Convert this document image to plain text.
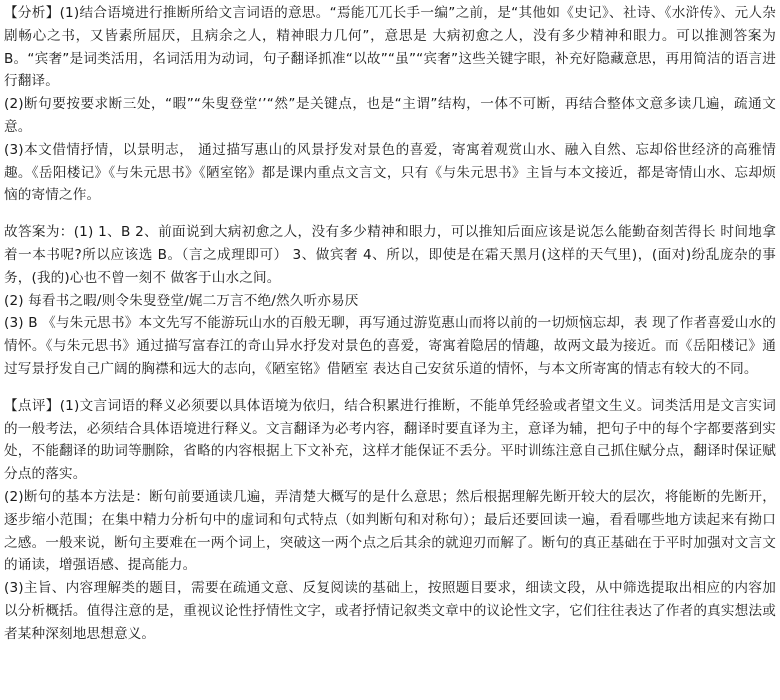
【分析】(1)结合语境进行推断所给文言词语的意思。“焉能兀兀长手一编”之前，是“其他如《史记》、社诗、《水浒传》、元人杂剧畅心之书，又皆素所屈厌，且病余之人，精神眼力几何”，意思是 大病初愈之人，没有多少精神和眼力。可以推测答案为B。“宾奢”是词类活用，名词活用为动词，句子翻译抓准“以故”“虽”“宾奢”这些关键字眼，补充好隐藏意思，再用简洁的语言进行翻译。

(2)断句要按要求断三处，“暇”“朱叟登堂‘’“然”是关键点，也是“主谓”结构，一体不可断，再结合整体文意多读几遍，疏通文意。

(3)本文借情抒情，以景明志， 通过描写惠山的风景抒发对景色的喜爱，寄寓着观赏山水、融入自然、忘却俗世经济的高雅情趣。《岳阳楼记》《与朱元思书》《陋室铭》都是课内重点文言文，只有《与朱元思书》主旨与本文接近，都是寄情山水、忘却烦恼的寄情之作。

故答案为：(1) 1、B 2、前面说到大病初愈之人，没有多少精神和眼力，可以推知后面应该是说怎么能勤奋刻苦得长 时间地拿着一本书呢?所以应该选 B。（言之成理即可） 3、做宾奢 4、所以，即使是在霜天黑月(这样的天气里)，(面对)纷乱庞杂的事务，(我的)心也不曾一刻不 做客于山水之间。

(2) 每看书之暇/则令朱叟登堂/娓二万言不绝/然久听亦易厌

(3) B 《与朱元思书》本文先写不能游玩山水的百般无聊，再写通过游览惠山而将以前的一切烦恼忘却，表 现了作者喜爱山水的情怀。《与朱元思书》通过描写富春江的奇山异水抒发对景色的喜爱，寄寓着隐居的情趣，故两文最为接近。而《岳阳楼记》通过写景抒发自己广阔的胸襟和远大的志向，《陋室铭》借陋室 表达自己安贫乐道的情怀，与本文所寄寓的情志有较大的不同。

【点评】(1)文言词语的释义必须要以具体语境为依归，结合积累进行推断，不能单凭经验或者望文生义。词类活用是文言实词的一般考法，必须结合具体语境进行释义。文言翻译为必考内容，翻译时要直译为主，意译为辅，把句子中的每个字都要落到实处，不能翻译的助词等删除，省略的内容根据上下文补充，这样才能保证不丢分。平时训练注意自己抓住赋分点，翻译时保证赋分点的落实。

(2)断句的基本方法是：断句前要通读几遍，弄清楚大概写的是什么意思；然后根据理解先断开较大的层次，将能断的先断开，逐步缩小范围；在集中精力分析句中的虚词和句式特点（如判断句和对称句）；最后还要回读一遍，看看哪些地方读起来有拗口之感。一般来说，断句主要难在一两个词上，突破这一两个点之后其余的就迎刃而解了。断句的真正基础在于平时加强对文言文的诵读，增强语感、提高能力。

(3)主旨、内容理解类的题目，需要在疏通文意、反复阅读的基础上，按照题目要求，细读文段，从中筛选提取出相应的内容加以分析概括。值得注意的是，重视议论性抒情性文字，或者抒情记叙类文章中的议论性文字，它们往往表达了作者的真实想法或者某种深刻地思想意义。
